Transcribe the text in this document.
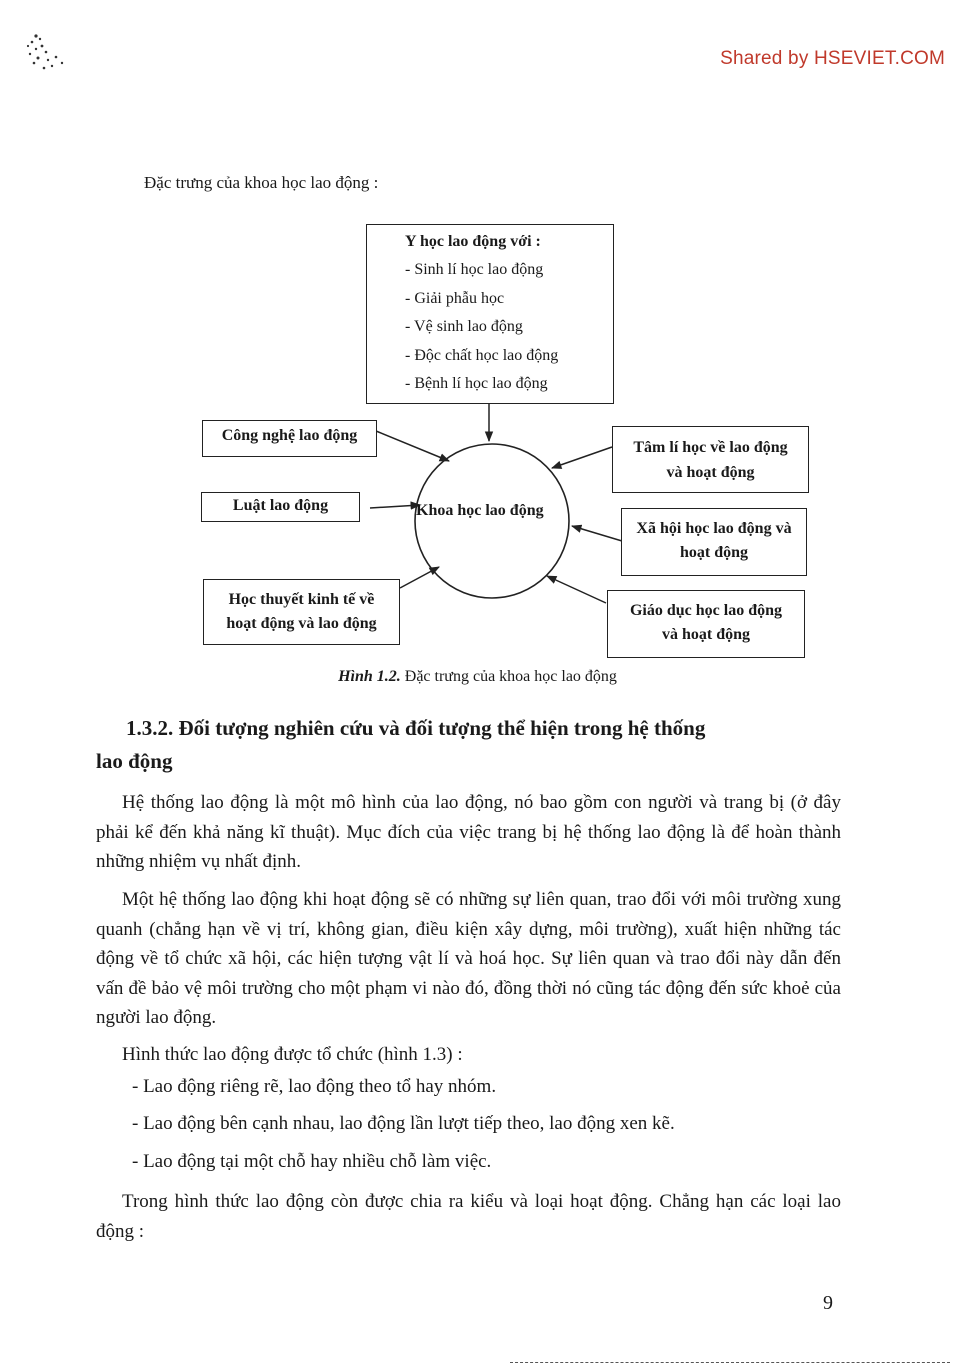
Shared by HSEVIET.COM
Đặc trưng của khoa học lao động :
Y học lao động với :
- Sinh lí học lao động
- Giải phẫu học
- Vệ sinh lao động
- Độc chất học lao động
- Bệnh lí học lao động
Công nghệ lao động
Luật lao động
Học thuyết kinh tế về
hoạt động và lao động
Tâm lí học về lao động
và hoạt động
Xã hội học lao động và
hoạt động
Giáo dục học lao động
và hoạt động
Khoa học lao động
Hình 1.2. Đặc trưng của khoa học lao động
1.3.2. Đối tượng nghiên cứu và đối tượng thể hiện trong hệ thống
lao động
Hệ thống lao động là một mô hình của lao động, nó bao gồm con người và trang bị (ở đây phải kể đến khả năng kĩ thuật). Mục đích của việc trang bị hệ thống lao động là để hoàn thành những nhiệm vụ nhất định.
Một hệ thống lao động khi hoạt động sẽ có những sự liên quan, trao đổi với môi trường xung quanh (chẳng hạn về vị trí, không gian, điều kiện xây dựng, môi trường), xuất hiện những tác động về tổ chức xã hội, các hiện tượng vật lí và hoá học. Sự liên quan và trao đổi này dẫn đến vấn đề bảo vệ môi trường cho một phạm vi nào đó, đồng thời nó cũng tác động đến sức khoẻ của người lao động.
Hình thức lao động được tổ chức (hình 1.3) :
- Lao động riêng rẽ, lao động theo tổ hay nhóm.
- Lao động bên cạnh nhau, lao động lần lượt tiếp theo, lao động xen kẽ.
- Lao động tại một chỗ hay nhiều chỗ làm việc.
Trong hình thức lao động còn được chia ra kiểu và loại hoạt động. Chẳng hạn các loại lao động :
9
